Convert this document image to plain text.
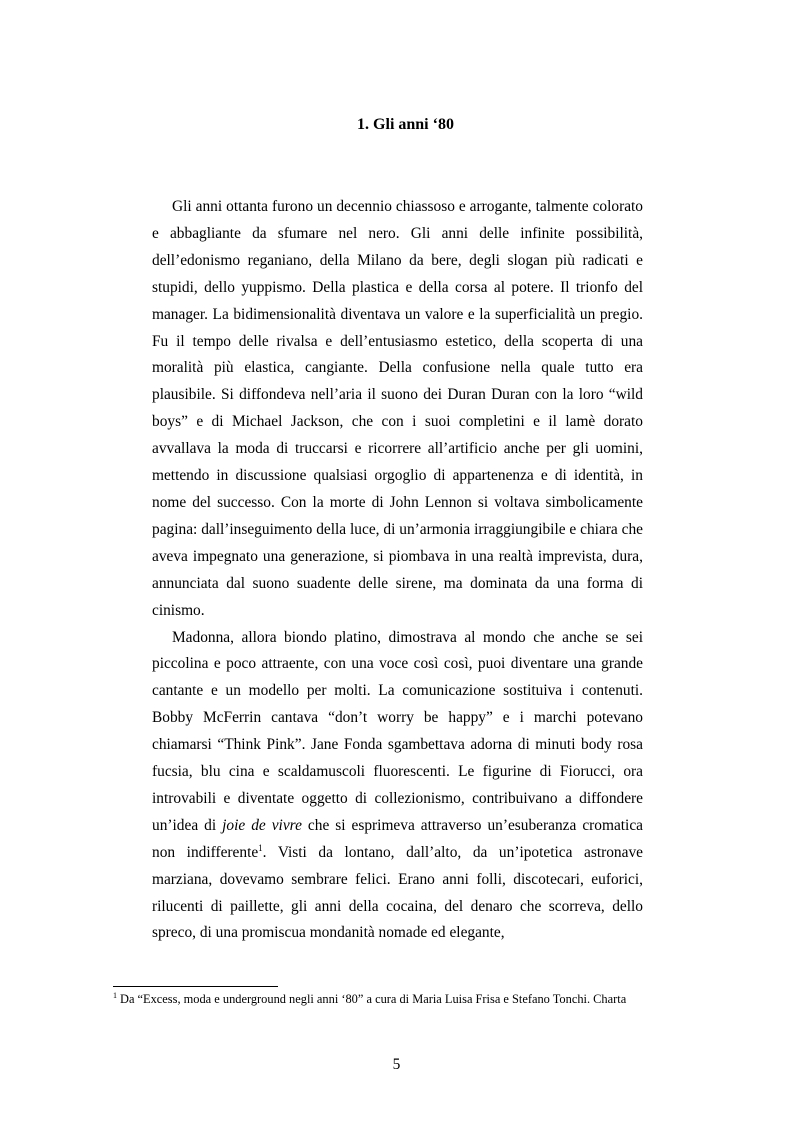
1. Gli anni ‘80

Gli anni ottanta furono un decennio chiassoso e arrogante, talmente colorato e abbagliante da sfumare nel nero. Gli anni delle infinite possibilità, dell’edonismo reganiano, della Milano da bere, degli slogan più radicati e stupidi, dello yuppismo. Della plastica e della corsa al potere. Il trionfo del manager. La bidimensionalità diventava un valore e la superficialità un pregio. Fu il tempo delle rivalsa e dell’entusiasmo estetico, della scoperta di una moralità più elastica, cangiante. Della confusione nella quale tutto era plausibile. Si diffondeva nell’aria il suono dei Duran Duran con la loro “wild boys” e di Michael Jackson, che con i suoi completini e il lamè dorato avvallava la moda di truccarsi e ricorrere all’artificio anche per gli uomini, mettendo in discussione qualsiasi orgoglio di appartenenza e di identità, in nome del successo. Con la morte di John Lennon si voltava simbolicamente pagina: dall’inseguimento della luce, di un’armonia irraggiungibile e chiara che aveva impegnato una generazione, si piombava in una realtà imprevista, dura, annunciata dal suono suadente delle sirene, ma dominata da una forma di cinismo.

Madonna, allora biondo platino, dimostrava al mondo che anche se sei piccolina e poco attraente, con una voce così così, puoi diventare una grande cantante e un modello per molti. La comunicazione sostituiva i contenuti. Bobby McFerrin cantava “don’t worry be happy” e i marchi potevano chiamarsi “Think Pink”. Jane Fonda sgambettava adorna di minuti body rosa fucsia, blu cina e scaldamuscoli fluorescenti. Le figurine di Fiorucci, ora introvabili e diventate oggetto di collezionismo, contribuivano a diffondere un’idea di joie de vivre che si esprimeva attraverso un’esuberanza cromatica non indifferente$^1$. Visti da lontano, dall’alto, da un’ipotetica astronave marziana, dovevamo sembrare felici. Erano anni folli, discotecari, euforici, rilucenti di paillette, gli anni della cocaina, del denaro che scorreva, dello spreco, di una promiscua mondanità nomade ed elegante,

$^1$ Da “Excess, moda e underground negli anni ‘80” a cura di Maria Luisa Frisa e Stefano Tonchi. Charta
5
